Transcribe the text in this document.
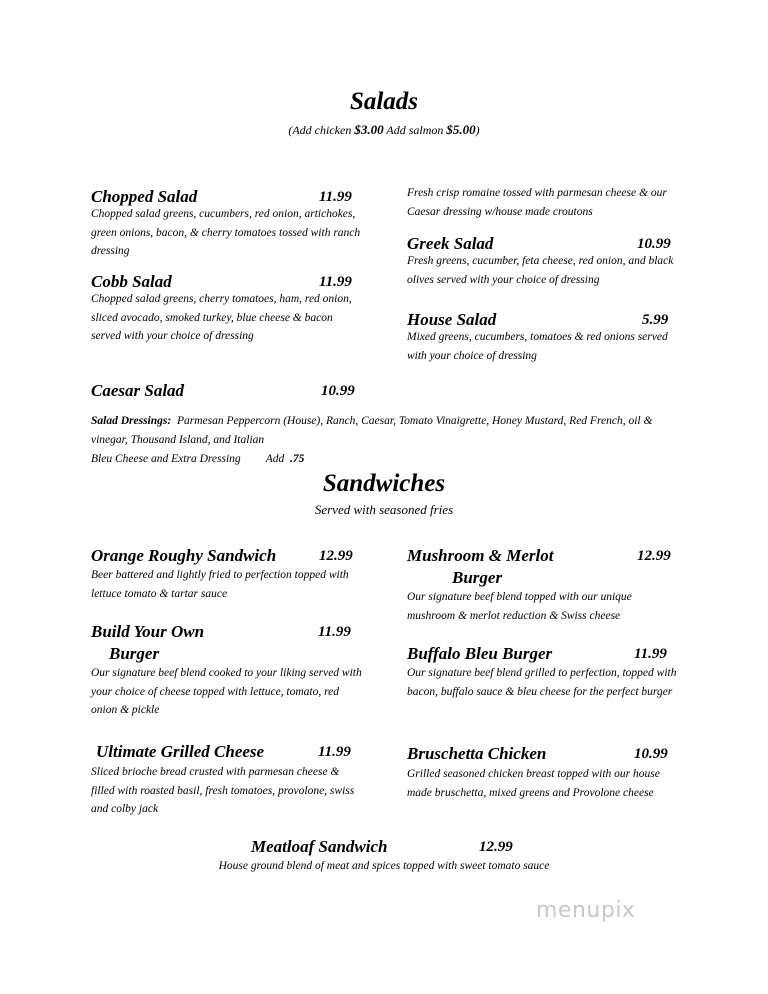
Salads
(Add chicken $3.00 Add salmon $5.00)
Chopped Salad	11.99
Chopped salad greens, cucumbers, red onion, artichokes, green onions, bacon, & cherry tomatoes tossed with ranch dressing
Cobb Salad	11.99
Chopped salad greens, cherry tomatoes, ham, red onion, sliced avocado, smoked turkey, blue cheese & bacon served with your choice of dressing
Fresh crisp romaine tossed with parmesan cheese & our Caesar dressing w/house made croutons
Greek Salad	10.99
Fresh greens, cucumber, feta cheese, red onion, and black olives served with your choice of dressing
House Salad	5.99
Mixed greens, cucumbers, tomatoes & red onions served with your choice of dressing
Caesar Salad	10.99
Salad Dressings: Parmesan Peppercorn (House), Ranch, Caesar, Tomato Vinaigrette, Honey Mustard, Red French, oil & vinegar, Thousand Island, and Italian
Bleu Cheese and Extra Dressing Add .75
Sandwiches
Served with seasoned fries
Orange Roughy Sandwich	12.99
Beer battered and lightly fried to perfection topped with lettuce tomato & tartar sauce
Build Your Own
Burger
11.99
Our signature beef blend cooked to your liking served with your choice of cheese topped with lettuce, tomato, red onion & pickle
Ultimate Grilled Cheese	11.99
Sliced brioche bread crusted with parmesan cheese & filled with roasted basil, fresh tomatoes, provolone, swiss and colby jack
Mushroom & Merlot
Burger
12.99
Our signature beef blend topped with our unique mushroom & merlot reduction & Swiss cheese
Buffalo Bleu Burger	11.99
Our signature beef blend grilled to perfection, topped with bacon, buffalo sauce & bleu cheese for the perfect burger
Bruschetta Chicken	10.99
Grilled seasoned chicken breast topped with our house made bruschetta, mixed greens and Provolone cheese
Meatloaf Sandwich	12.99
House ground blend of meat and spices topped with sweet tomato sauce
menupix
